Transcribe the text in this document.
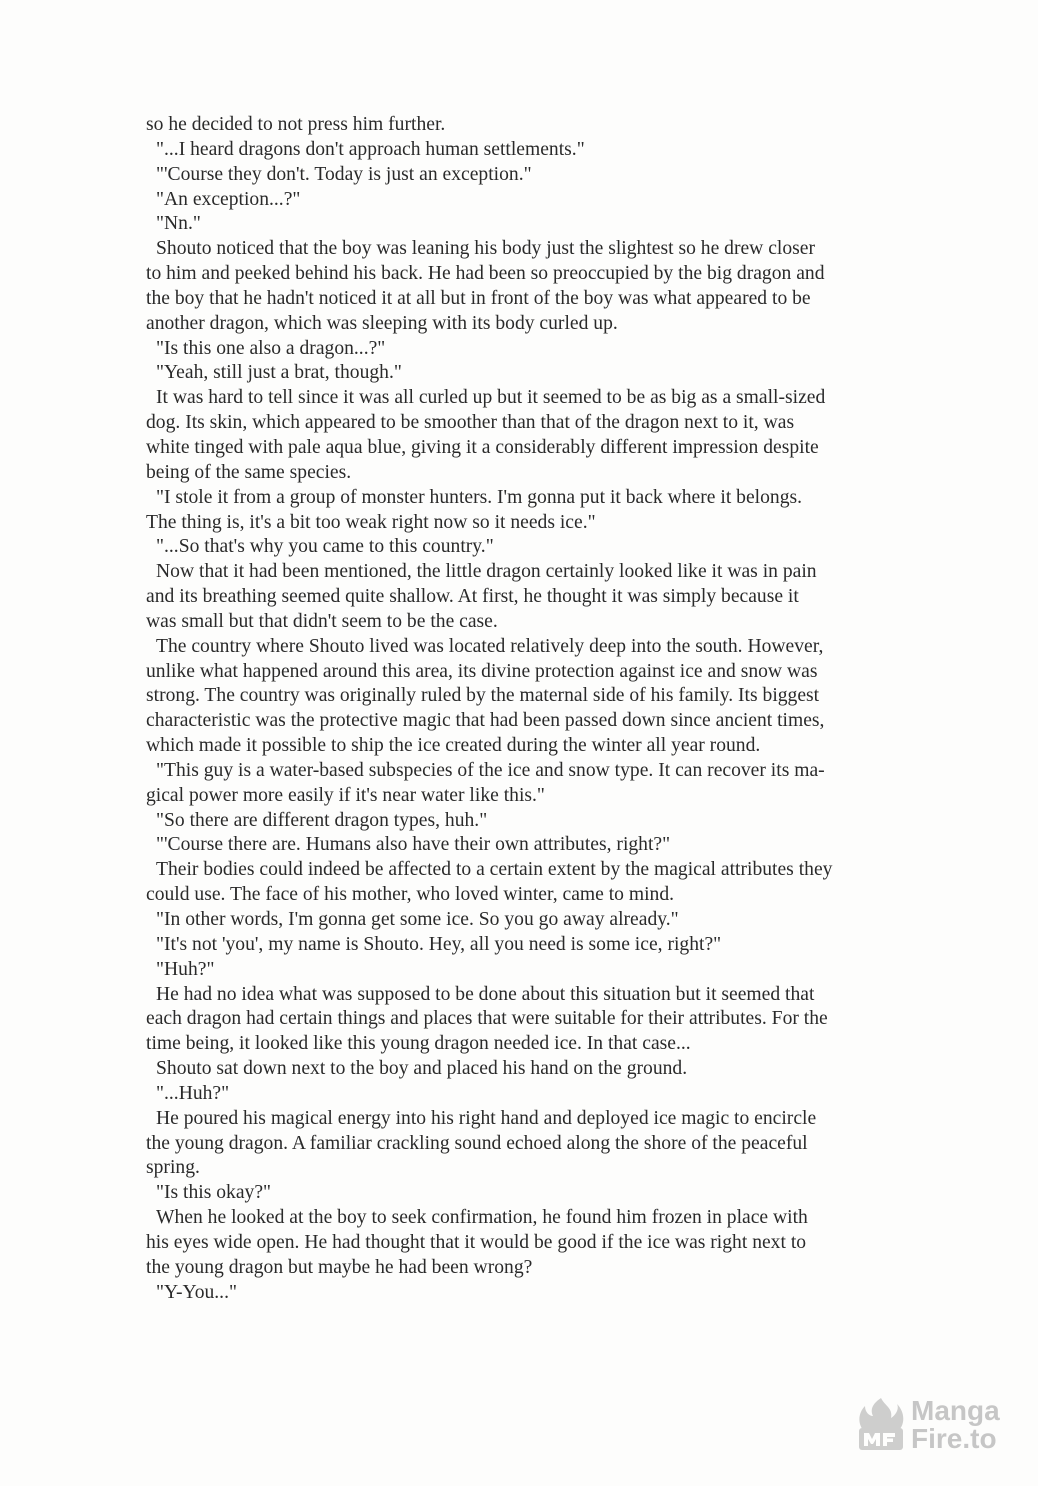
so he decided to not press him further.
"...I heard dragons don't approach human settlements."
"'Course they don't. Today is just an exception."
"An exception...?"
"Nn."
Shouto noticed that the boy was leaning his body just the slightest so he drew closer
to him and peeked behind his back. He had been so preoccupied by the big dragon and
the boy that he hadn't noticed it at all but in front of the boy was what appeared to be
another dragon, which was sleeping with its body curled up.
"Is this one also a dragon...?"
"Yeah, still just a brat, though."
It was hard to tell since it was all curled up but it seemed to be as big as a small-sized
dog. Its skin, which appeared to be smoother than that of the dragon next to it, was
white tinged with pale aqua blue, giving it a considerably different impression despite
being of the same species.
"I stole it from a group of monster hunters. I'm gonna put it back where it belongs.
The thing is, it's a bit too weak right now so it needs ice."
"...So that's why you came to this country."
Now that it had been mentioned, the little dragon certainly looked like it was in pain
and its breathing seemed quite shallow. At first, he thought it was simply because it
was small but that didn't seem to be the case.
The country where Shouto lived was located relatively deep into the south. However,
unlike what happened around this area, its divine protection against ice and snow was
strong. The country was originally ruled by the maternal side of his family. Its biggest
characteristic was the protective magic that had been passed down since ancient times,
which made it possible to ship the ice created during the winter all year round.
"This guy is a water-based subspecies of the ice and snow type. It can recover its ma-
gical power more easily if it's near water like this."
"So there are different dragon types, huh."
"'Course there are. Humans also have their own attributes, right?"
Their bodies could indeed be affected to a certain extent by the magical attributes they
could use. The face of his mother, who loved winter, came to mind.
"In other words, I'm gonna get some ice. So you go away already."
"It's not 'you', my name is Shouto. Hey, all you need is some ice, right?"
"Huh?"
He had no idea what was supposed to be done about this situation but it seemed that
each dragon had certain things and places that were suitable for their attributes. For the
time being, it looked like this young dragon needed ice. In that case...
Shouto sat down next to the boy and placed his hand on the ground.
"...Huh?"
He poured his magical energy into his right hand and deployed ice magic to encircle
the young dragon. A familiar crackling sound echoed along the shore of the peaceful
spring.
"Is this okay?"
When he looked at the boy to seek confirmation, he found him frozen in place with
his eyes wide open. He had thought that it would be good if the ice was right next to
the young dragon but maybe he had been wrong?
"Y-You..."
Manga
Fire.to
